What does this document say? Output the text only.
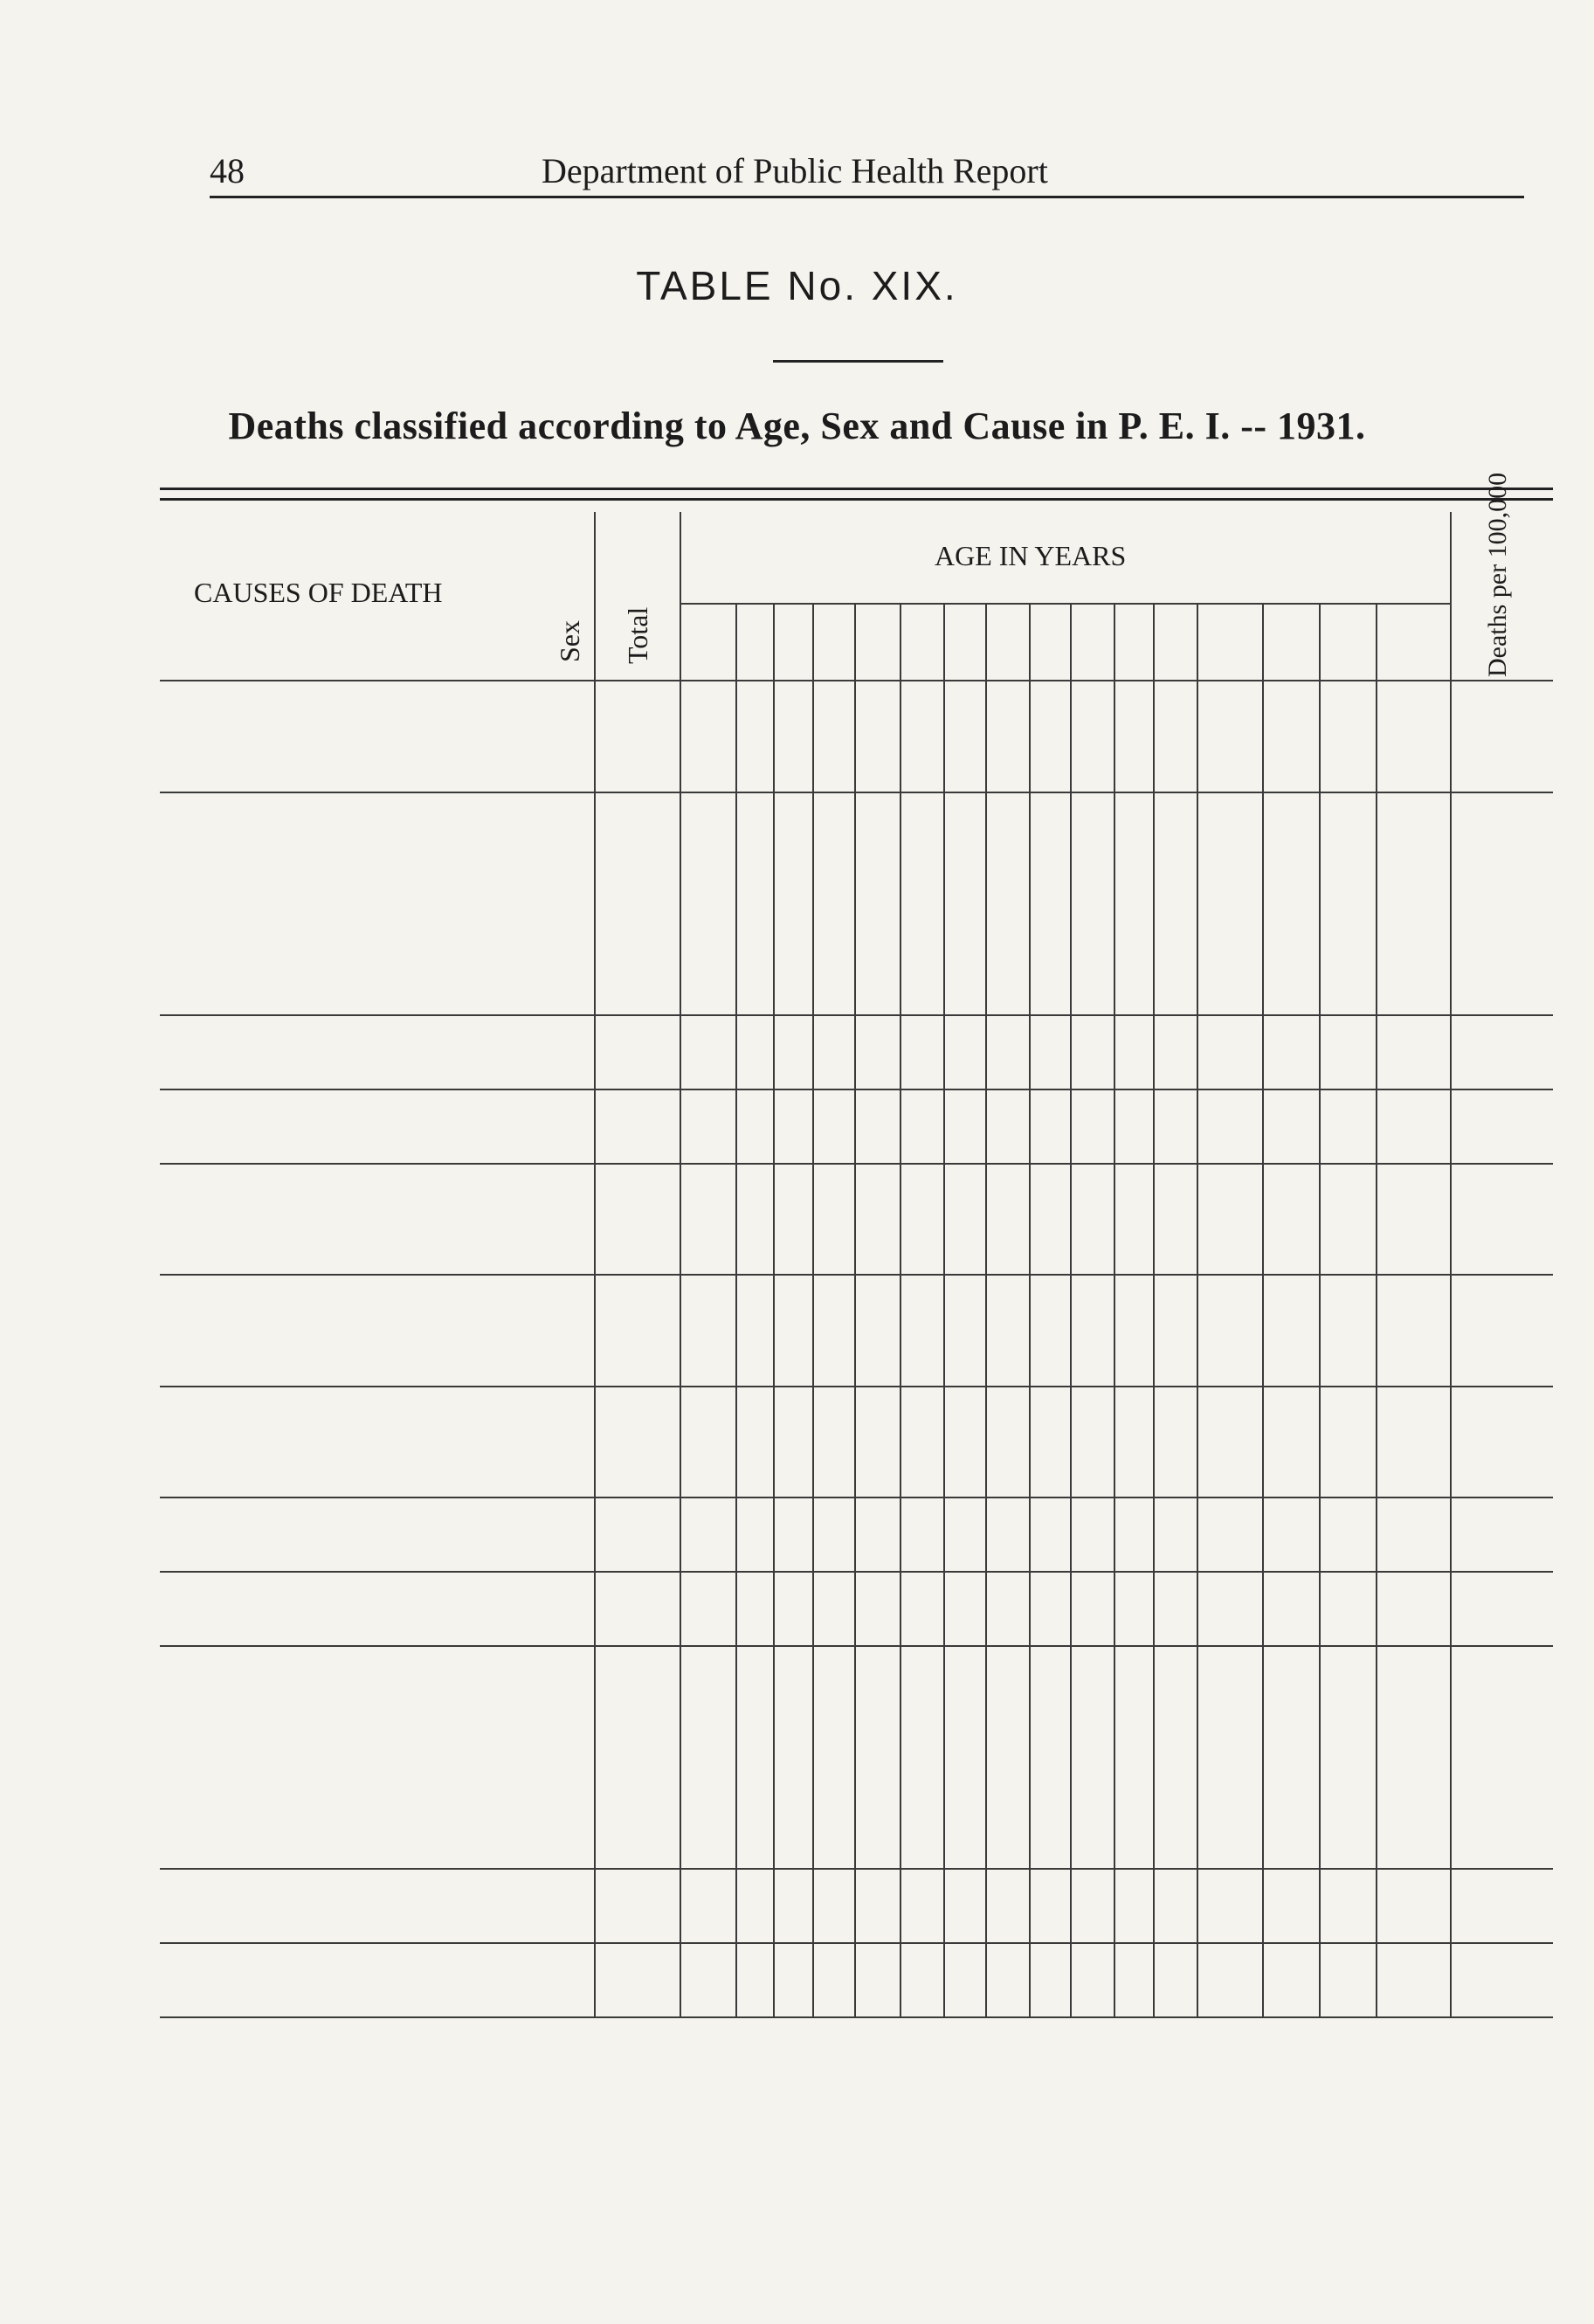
48	Department of Public Health Report
TABLE No. XIX.
Deaths classified according to Age, Sex and Cause in P. E. I. -- 1931.
CAUSES OF DEATH
Sex Total
AGE IN YEARS	Deaths per 100,000
